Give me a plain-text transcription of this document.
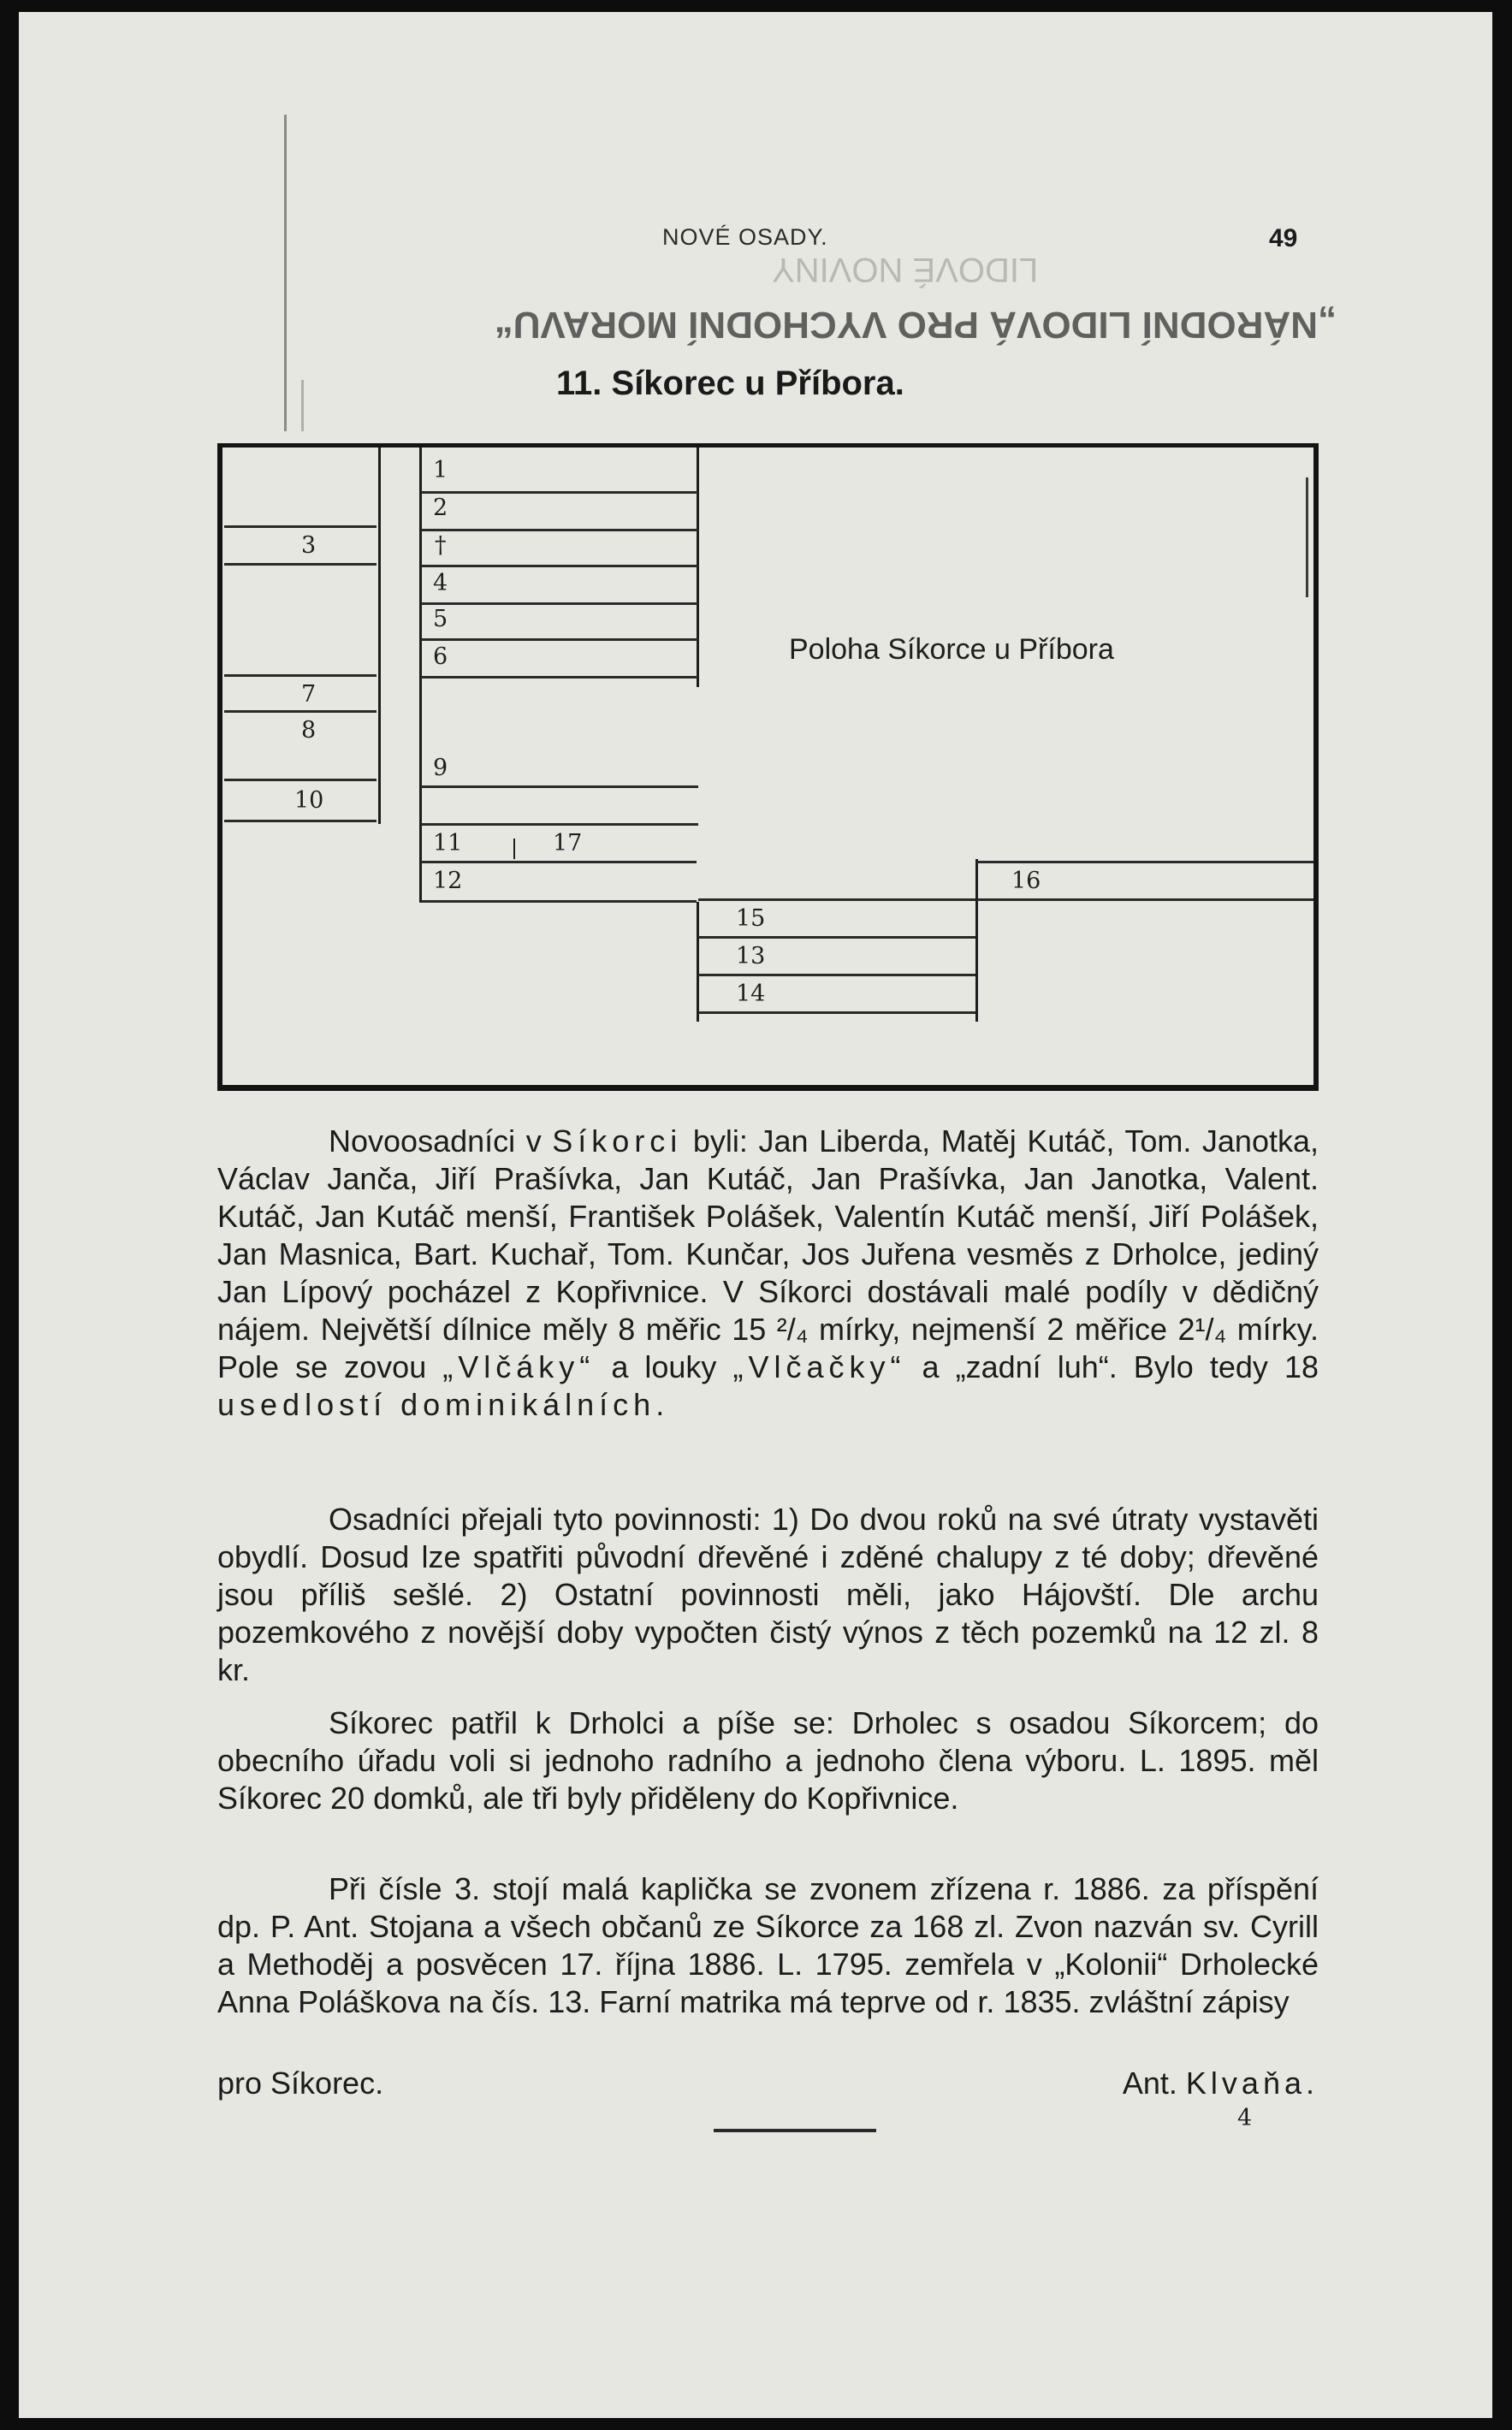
LIDOVÉ NOVINY
„NÁRODNÍ LIDOVÁ PRO VYCHODNÍ MORAVU“
NOVÉ OSADY.	49
11. Síkorec u Příbora.
1
2
†
4
5
6
9
11	17
12
3
7
8
10
15
13
14
16
Poloha Síkorce u Příbora
Novoosadníci v Síkorci byli: Jan Liberda, Matěj Kutáč, Tom. Janotka, Václav Janča, Jiří Prašívka, Jan Kutáč, Jan Prašívka, Jan Janotka, Valent. Kutáč, Jan Kutáč menší, František Polášek, Valentín Kutáč menší, Jiří Polášek, Jan Masnica, Bart. Kuchař, Tom. Kunčar, Jos Juřena vesměs z Drholce, jediný Jan Lípový pocházel z Kopřivnice. V Síkorci dostávali malé podíly v dědičný nájem. Největší dílnice měly 8 měřic 15 ²/₄ mírky, nejmenší 2 měřice 2¹/₄ mírky. Pole se zovou „Vlčáky“ a louky „Vlčačky“ a „zadní luh“. Bylo tedy 18 usedlostí dominikálních.
Osadníci přejali tyto povinnosti: 1) Do dvou roků na své útraty vystavěti obydlí. Dosud lze spatřiti původní dřevěné i zděné chalupy z té doby; dřevěné jsou příliš sešlé. 2) Ostatní povinnosti měli, jako Hájovští. Dle archu pozemkového z novější doby vypočten čistý výnos z těch pozemků na 12 zl. 8 kr.
Síkorec patřil k Drholci a píše se: Drholec s osadou Síkorcem; do obecního úřadu voli si jednoho radního a jednoho člena výboru. L. 1895. měl Síkorec 20 domků, ale tři byly přiděleny do Kopřivnice.
Při čísle 3. stojí malá kaplička se zvonem zřízena r. 1886. za příspění dp. P. Ant. Stojana a všech občanů ze Síkorce za 168 zl. Zvon nazván sv. Cyrill a Methoděj a posvěcen 17. října 1886. L. 1795. zemřela v „Kolonii“ Drholecké Anna Poláškova na čís. 13. Farní matrika má teprve od r. 1835. zvláštní zápisy
pro Síkorec.	Ant. Klvaňa.
4
